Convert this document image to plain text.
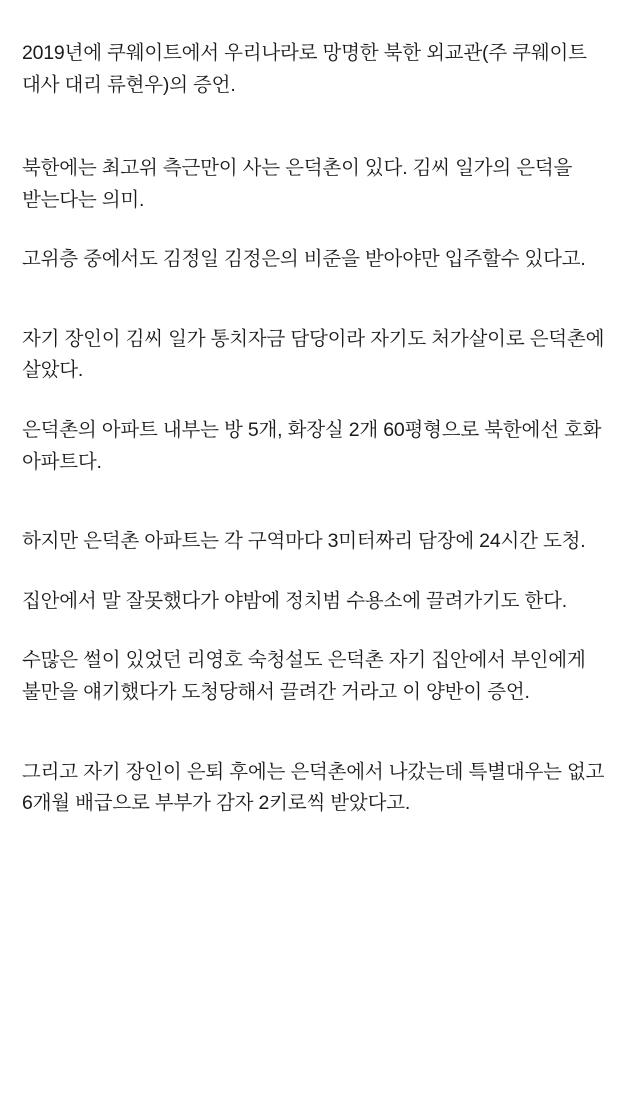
2019년에 쿠웨이트에서 우리나라로 망명한 북한 외교관(주 쿠웨이트 대사 대리 류현우)의 증언.

북한에는 최고위 측근만이 사는 은덕촌이 있다. 김씨 일가의 은덕을 받는다는 의미.

고위층 중에서도 김정일 김정은의 비준을 받아야만 입주할수 있다고.

자기 장인이 김씨 일가 통치자금 담당이라 자기도 처가살이로 은덕촌에 살았다.

은덕촌의 아파트 내부는 방 5개, 화장실 2개 60평형으로 북한에선 호화 아파트다.

하지만 은덕촌 아파트는 각 구역마다 3미터짜리 담장에 24시간 도청.

집안에서 말 잘못했다가 야밤에 정치범 수용소에 끌려가기도 한다.

수많은 썰이 있었던 리영호 숙청설도 은덕촌 자기 집안에서 부인에게 불만을 얘기했다가 도청당해서 끌려간 거라고 이 양반이 증언.

그리고 자기 장인이 은퇴 후에는 은덕촌에서 나갔는데 특별대우는 없고 6개월 배급으로 부부가 감자 2키로씩 받았다고.
